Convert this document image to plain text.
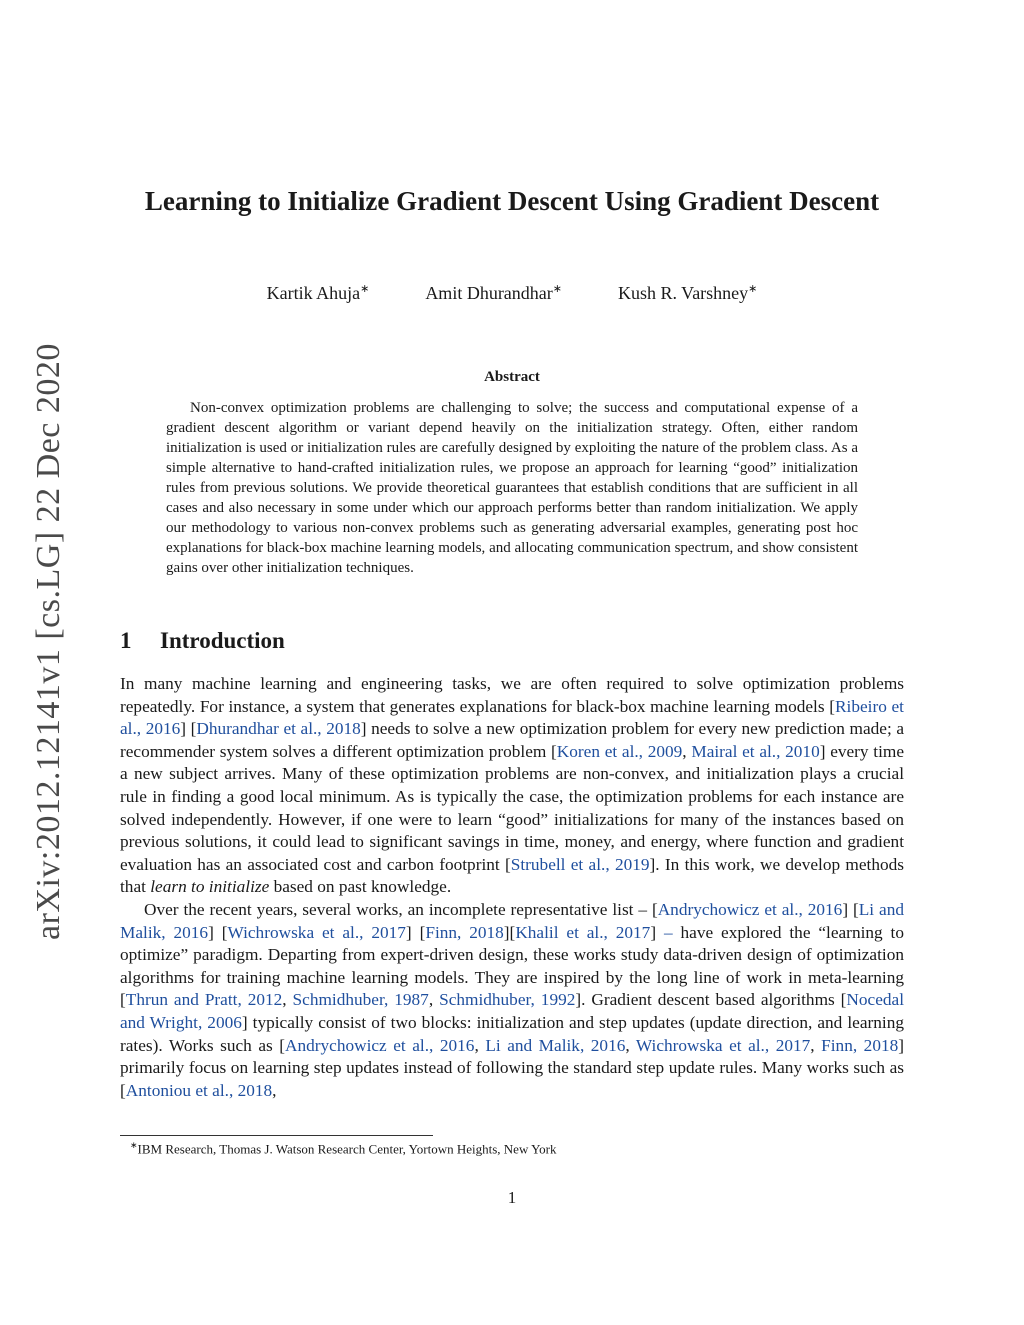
arXiv:2012.12141v1 [cs.LG] 22 Dec 2020
Learning to Initialize Gradient Descent Using Gradient Descent
Kartik Ahuja∗	Amit Dhurandhar∗	Kush R. Varshney∗
Abstract

Non-convex optimization problems are challenging to solve; the success and computational expense of a gradient descent algorithm or variant depend heavily on the initialization strategy. Often, either random initialization is used or initialization rules are carefully designed by exploiting the nature of the problem class. As a simple alternative to hand-crafted initialization rules, we propose an approach for learning “good” initialization rules from previous solutions. We provide theoretical guarantees that establish conditions that are sufficient in all cases and also necessary in some under which our approach performs better than random initialization. We apply our methodology to various non-convex problems such as generating adversarial examples, generating post hoc explanations for black-box machine learning models, and allocating communication spectrum, and show consistent gains over other initialization techniques.

1 Introduction

In many machine learning and engineering tasks, we are often required to solve optimization problems repeatedly. For instance, a system that generates explanations for black-box machine learning models [Ribeiro et al., 2016] [Dhurandhar et al., 2018] needs to solve a new optimization problem for every new prediction made; a recommender system solves a different optimization problem [Koren et al., 2009, Mairal et al., 2010] every time a new subject arrives. Many of these optimization problems are non-convex, and initialization plays a crucial rule in finding a good local minimum. As is typically the case, the optimization problems for each instance are solved independently. However, if one were to learn “good” initializations for many of the instances based on previous solutions, it could lead to significant savings in time, money, and energy, where function and gradient evaluation has an associated cost and carbon footprint [Strubell et al., 2019]. In this work, we develop methods that learn to initialize based on past knowledge.

Over the recent years, several works, an incomplete representative list – [Andrychowicz et al., 2016] [Li and Malik, 2016] [Wichrowska et al., 2017] [Finn, 2018][Khalil et al., 2017] – have explored the “learning to optimize” paradigm. Departing from expert-driven design, these works study data-driven design of optimization algorithms for training machine learning models. They are inspired by the long line of work in meta-learning [Thrun and Pratt, 2012, Schmidhuber, 1987, Schmidhuber, 1992]. Gradient descent based algorithms [Nocedal and Wright, 2006] typically consist of two blocks: initialization and step updates (update direction, and learning rates). Works such as [Andrychowicz et al., 2016, Li and Malik, 2016, Wichrowska et al., 2017, Finn, 2018] primarily focus on learning step updates instead of following the standard step update rules. Many works such as [Antoniou et al., 2018,

∗IBM Research, Thomas J. Watson Research Center, Yortown Heights, New York
1
